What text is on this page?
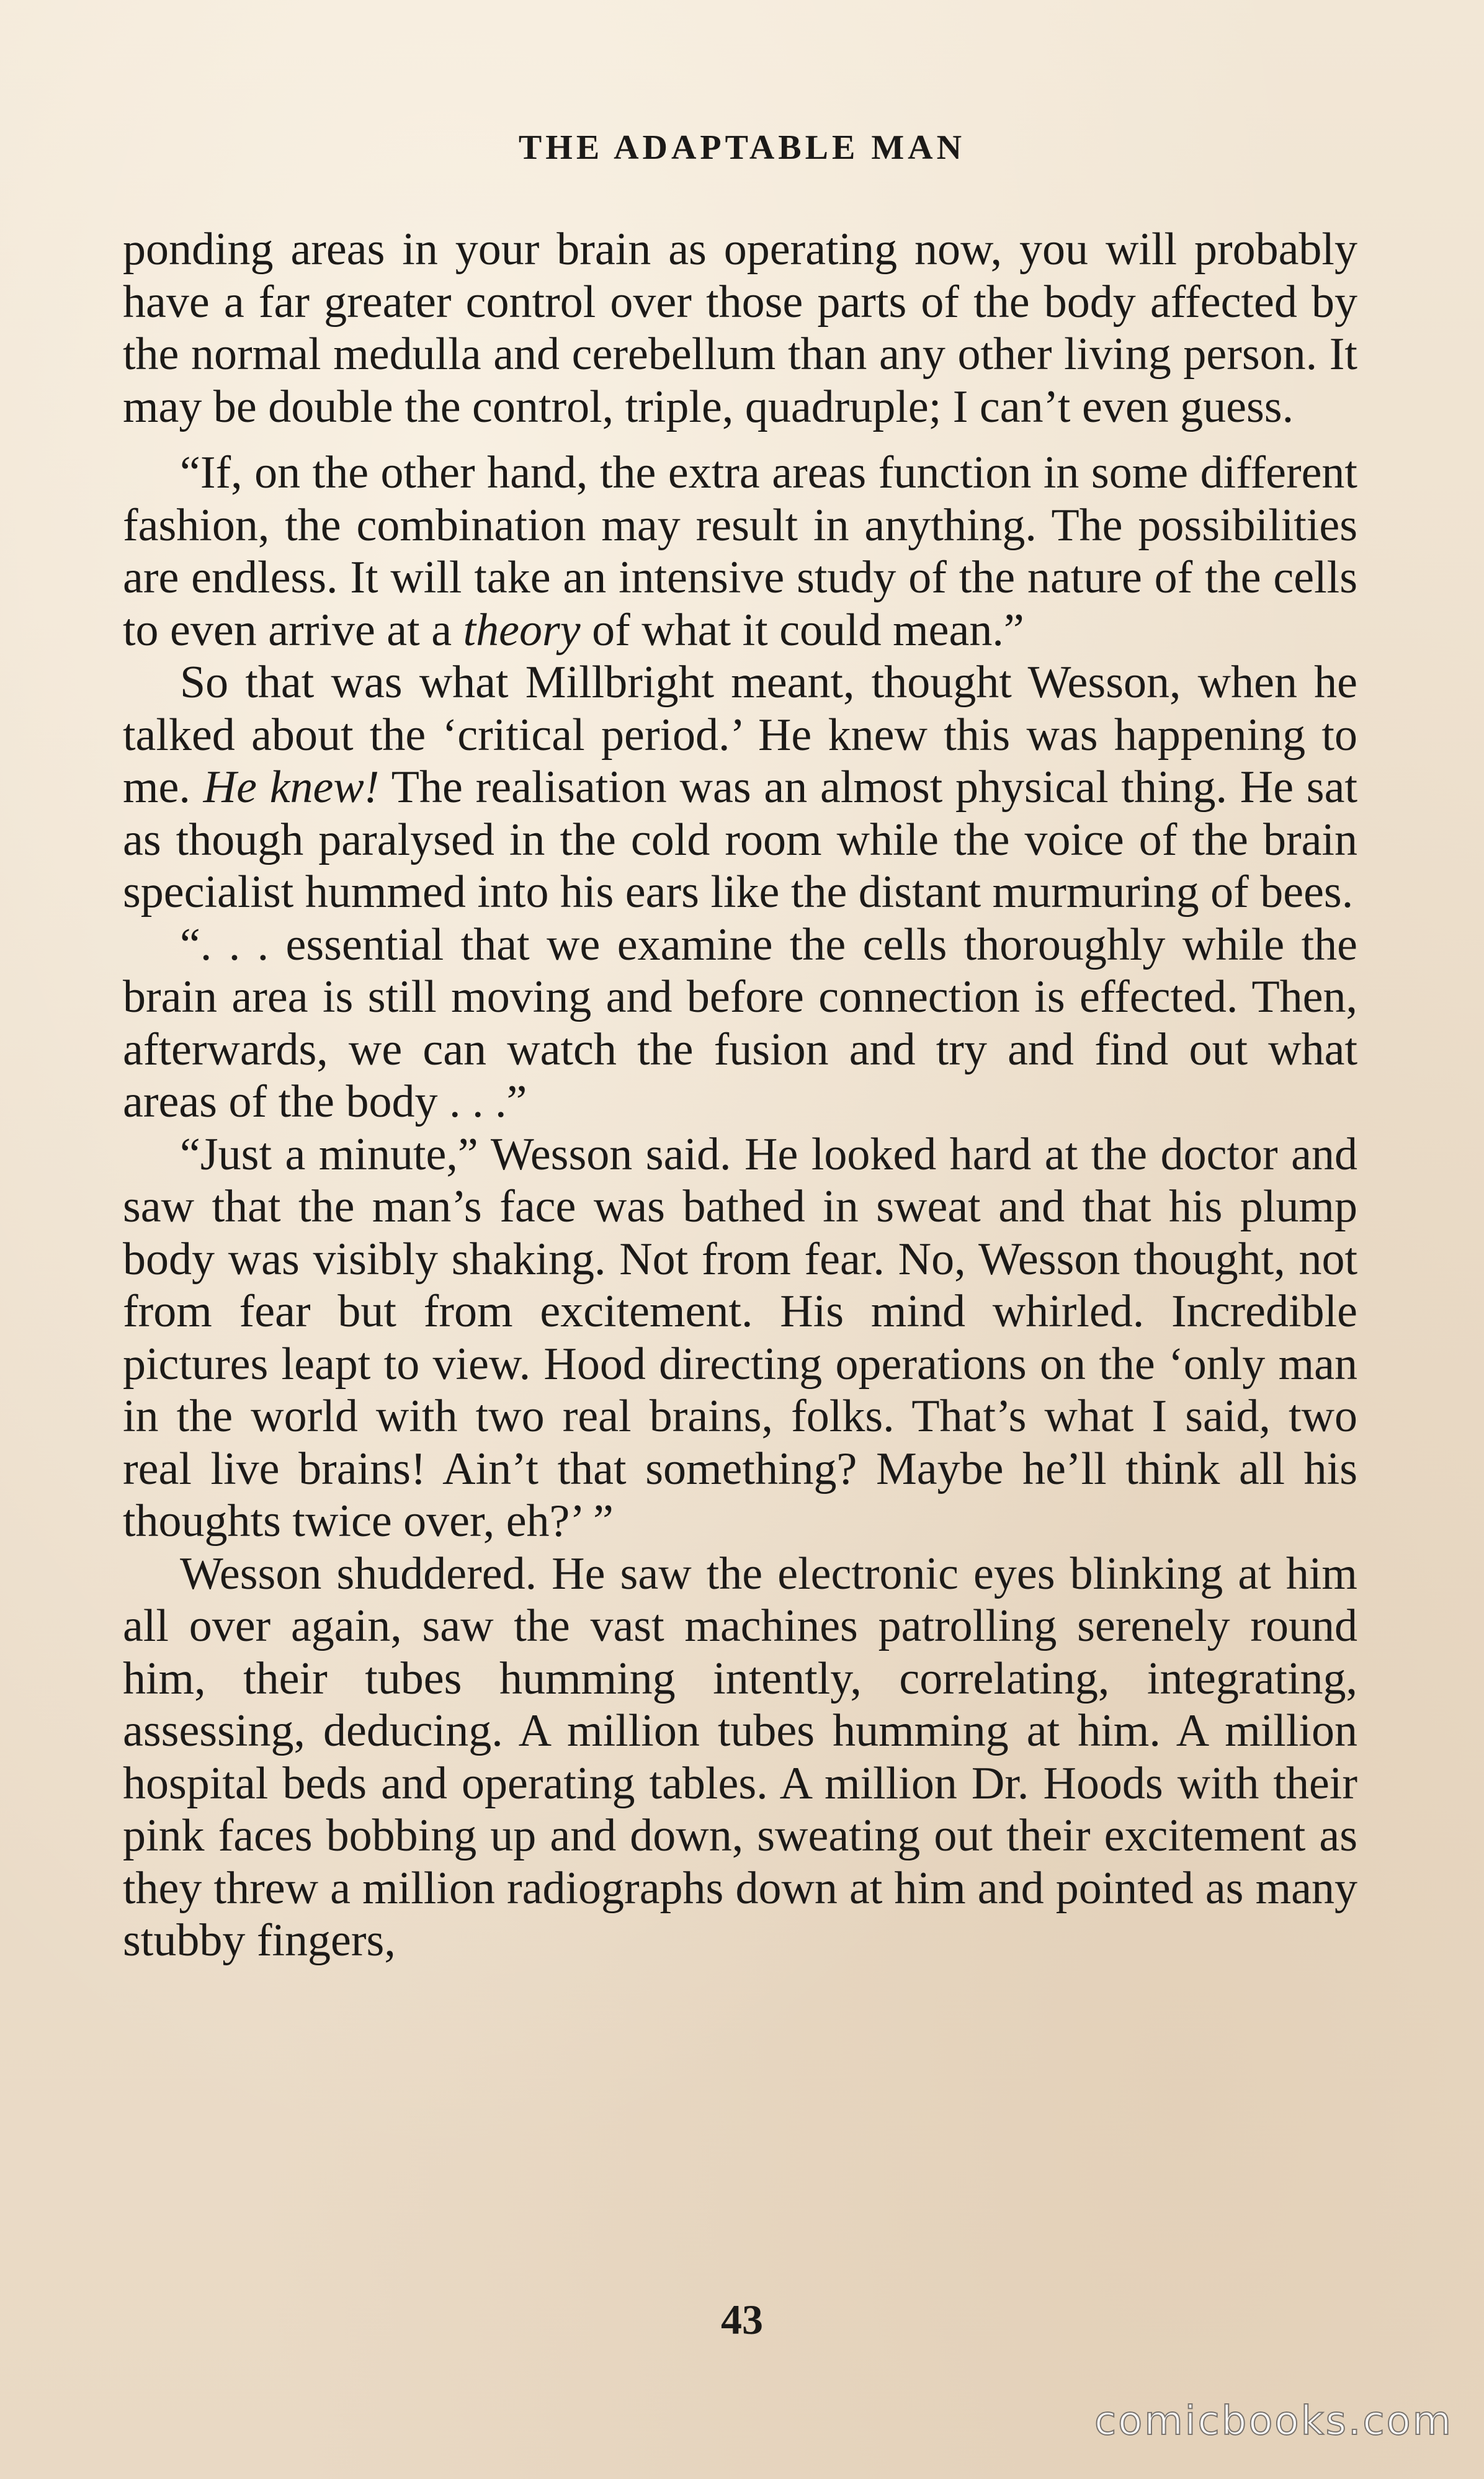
THE ADAPTABLE MAN

ponding areas in your brain as operating now, you will probably have a far greater control over those parts of the body affected by the normal medulla and cerebellum than any other living person. It may be double the control, triple, quadruple; I can’t even guess.

“If, on the other hand, the extra areas function in some different fashion, the combination may result in anything. The possibilities are endless. It will take an intensive study of the nature of the cells to even arrive at a theory of what it could mean.”

So that was what Millbright meant, thought Wesson, when he talked about the ‘critical period.’ He knew this was happening to me. He knew! The realisation was an almost physical thing. He sat as though paralysed in the cold room while the voice of the brain specialist hummed into his ears like the distant murmuring of bees.

“. . . essential that we examine the cells thoroughly while the brain area is still moving and before connection is effected. Then, afterwards, we can watch the fusion and try and find out what areas of the body . . .”

“Just a minute,” Wesson said. He looked hard at the doctor and saw that the man’s face was bathed in sweat and that his plump body was visibly shaking. Not from fear. No, Wesson thought, not from fear but from excitement. His mind whirled. Incredible pictures leapt to view. Hood directing operations on the ‘only man in the world with two real brains, folks. That’s what I said, two real live brains! Ain’t that something? Maybe he’ll think all his thoughts twice over, eh?’ ”

Wesson shuddered. He saw the electronic eyes blinking at him all over again, saw the vast machines patrolling serenely round him, their tubes humming intently, correlating, integrating, assessing, deducing. A million tubes humming at him. A million hospital beds and operating tables. A million Dr. Hoods with their pink faces bobbing up and down, sweating out their excitement as they threw a million radiographs down at him and pointed as many stubby fingers,

43
comicbooks.com
